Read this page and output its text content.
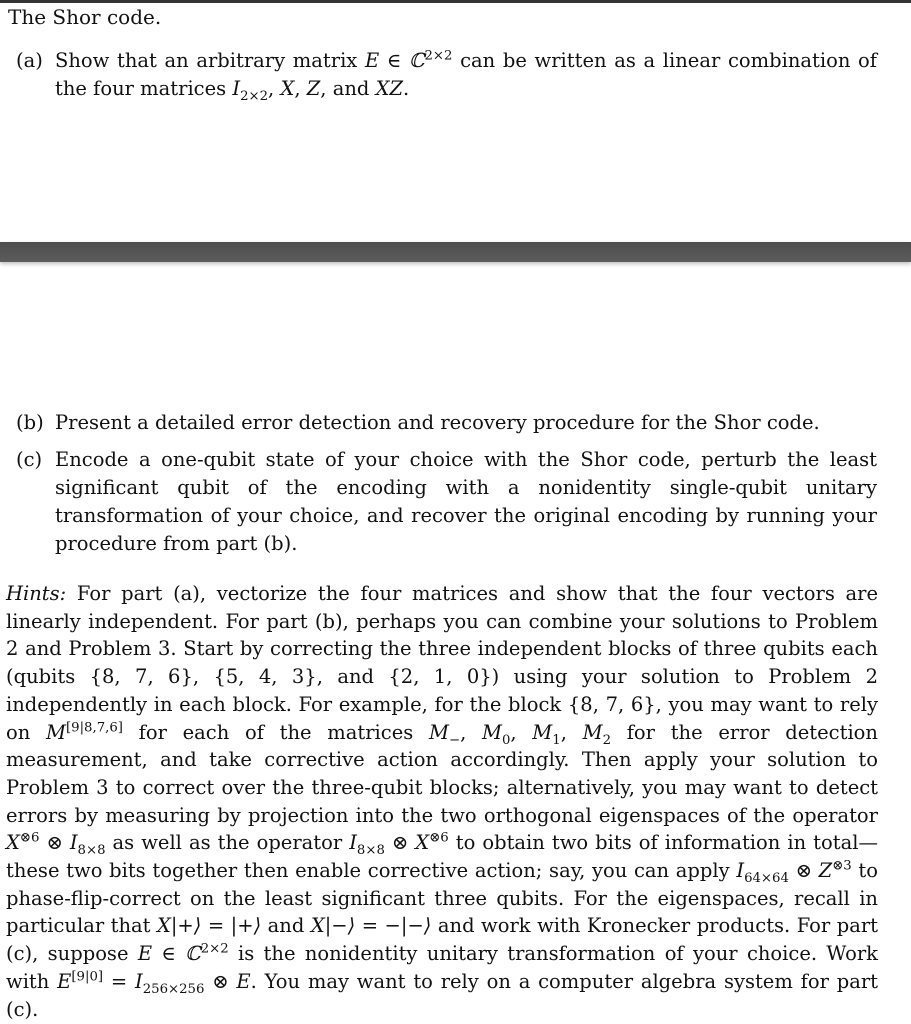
The Shor code.
(a) Show that an arbitrary matrix E ∈ ℂ$^{2\times 2}$ can be written as a linear combination of the four matrices $I_{2\times 2}$, X, Z, and XZ.
(b) Present a detailed error detection and recovery procedure for the Shor code.
(c) Encode a one-qubit state of your choice with the Shor code, perturb the least significant qubit of the encoding with a nonidentity single-qubit unitary transformation of your choice, and recover the original encoding by running your procedure from part (b).
Hints: For part (a), vectorize the four matrices and show that the four vectors are linearly independent. For part (b), perhaps you can combine your solutions to Problem 2 and Problem 3. Start by correcting the three independent blocks of three qubits each (qubits {8, 7, 6}, {5, 4, 3}, and {2, 1, 0}) using your solution to Problem 2 independently in each block. For example, for the block {8, 7, 6}, you may want to rely on M[9|8,7,6] for each of the matrices $M_-$, $M_0$, $M_1$, $M_2$ for the error detection measurement, and take corrective action accordingly. Then apply your solution to Problem 3 to correct over the three-qubit blocks; alternatively, you may want to detect errors by measuring by projection into the two orthogonal eigenspaces of the operator $X^{\otimes 6}$ ⊗ $I_{8\times 8}$ as well as the operator $I_{8\times 8}$ ⊗ $X^{\otimes 6}$ to obtain two bits of information in total—these two bits together then enable corrective action; say, you can apply $I_{64\times 64}$ ⊗ $Z^{\otimes 3}$ to phase-flip-correct on the least significant three qubits. For the eigenspaces, recall in particular that X|+⟩ = |+⟩ and X|−⟩ = −|−⟩ and work with Kronecker products. For part (c), suppose E ∈ ℂ$^{2\times 2}$ is the nonidentity unitary transformation of your choice. Work with $E[9|0] = I_{256\times 256}$ ⊗ E. You may want to rely on a computer algebra system for part (c).
